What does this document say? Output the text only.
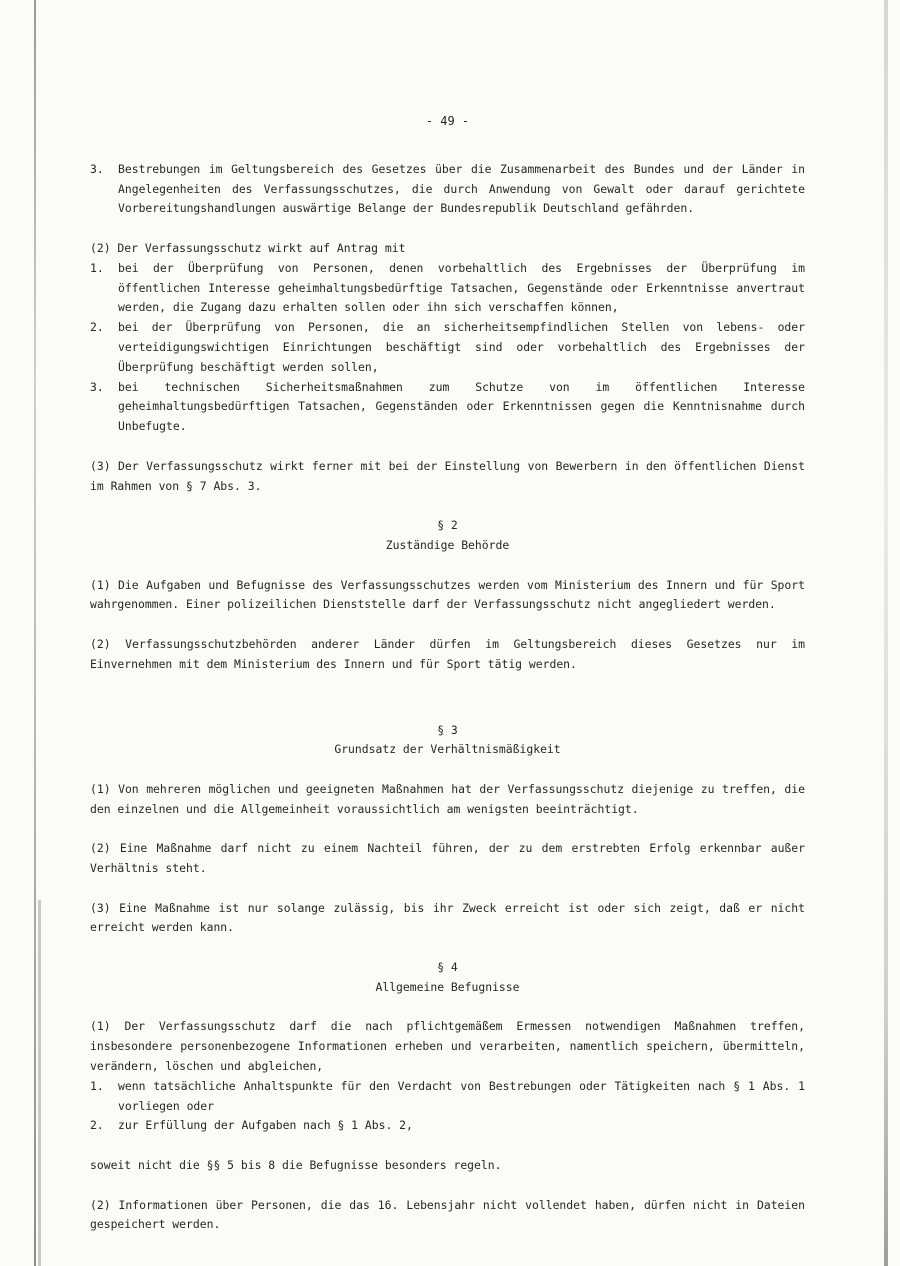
- 49 -
3.	Bestrebungen im Geltungsbereich des Gesetzes über die Zusammenarbeit des Bundes und der Länder in Angelegenheiten des Verfassungsschutzes, die durch Anwendung von Gewalt oder darauf gerichtete Vorbereitungshandlungen auswärtige Belange der Bundesrepublik Deutschland gefährden.

(2) Der Verfassungsschutz wirkt auf Antrag mit

1.	bei der Überprüfung von Personen, denen vorbehaltlich des Ergebnisses der Überprüfung im öffentlichen Interesse geheimhaltungsbedürftige Tatsachen, Gegenstände oder Erkenntnisse anvertraut werden, die Zugang dazu erhalten sollen oder ihn sich verschaffen können,
2.	bei der Überprüfung von Personen, die an sicherheitsempfindlichen Stellen von lebens- oder verteidigungswichtigen Einrichtungen beschäftigt sind oder vorbehaltlich des Ergebnisses der Überprüfung beschäftigt werden sollen,
3.	bei technischen Sicherheitsmaßnahmen zum Schutze von im öffentlichen Interesse geheimhaltungsbedürftigen Tatsachen, Gegenständen oder Erkenntnissen gegen die Kenntnisnahme durch Unbefugte.

(3) Der Verfassungsschutz wirkt ferner mit bei der Einstellung von Bewerbern in den öffentlichen Dienst im Rahmen von § 7 Abs. 3.

§ 2
Zuständige Behörde

(1) Die Aufgaben und Befugnisse des Verfassungsschutzes werden vom Ministerium des Innern und für Sport wahrgenommen. Einer polizeilichen Dienststelle darf der Verfassungsschutz nicht angegliedert werden.

(2) Verfassungsschutzbehörden anderer Länder dürfen im Geltungsbereich dieses Gesetzes nur im Einvernehmen mit dem Ministerium des Innern und für Sport tätig werden.

§ 3
Grundsatz der Verhältnismäßigkeit

(1) Von mehreren möglichen und geeigneten Maßnahmen hat der Verfassungsschutz diejenige zu treffen, die den einzelnen und die Allgemeinheit voraussichtlich am wenigsten beeinträchtigt.

(2) Eine Maßnahme darf nicht zu einem Nachteil führen, der zu dem erstrebten Erfolg erkennbar außer Verhältnis steht.

(3) Eine Maßnahme ist nur solange zulässig, bis ihr Zweck erreicht ist oder sich zeigt, daß er nicht erreicht werden kann.

§ 4
Allgemeine Befugnisse

(1) Der Verfassungsschutz darf die nach pflichtgemäßem Ermessen notwendigen Maßnahmen treffen, insbesondere personenbezogene Informationen erheben und verarbeiten, namentlich speichern, übermitteln, verändern, löschen und abgleichen,

1.	wenn tatsächliche Anhaltspunkte für den Verdacht von Bestrebungen oder Tätigkeiten nach § 1 Abs. 1 vorliegen oder
2.	zur Erfüllung der Aufgaben nach § 1 Abs. 2,

soweit nicht die §§ 5 bis 8 die Befugnisse besonders regeln.

(2) Informationen über Personen, die das 16. Lebensjahr nicht vollendet haben, dürfen nicht in Dateien gespeichert werden.
